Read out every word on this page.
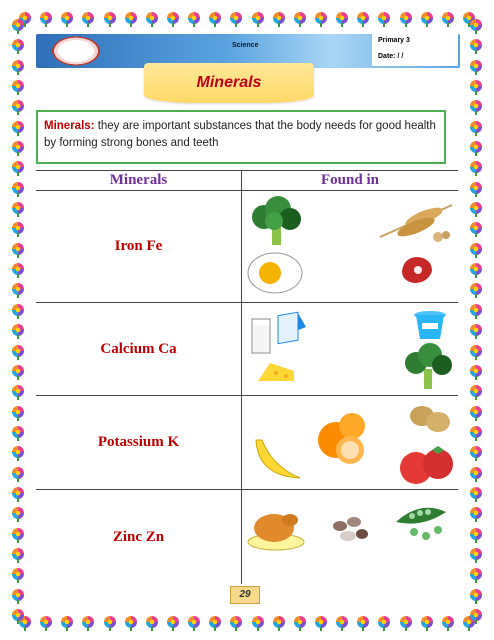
Science
Primary 3
Date: / /
Minerals
Minerals: they are important substances that the body needs for good health by forming strong bones and teeth
Minerals	Found in
Iron Fe	

Calcium Ca	

Potassium K	

Zinc Zn	
29
